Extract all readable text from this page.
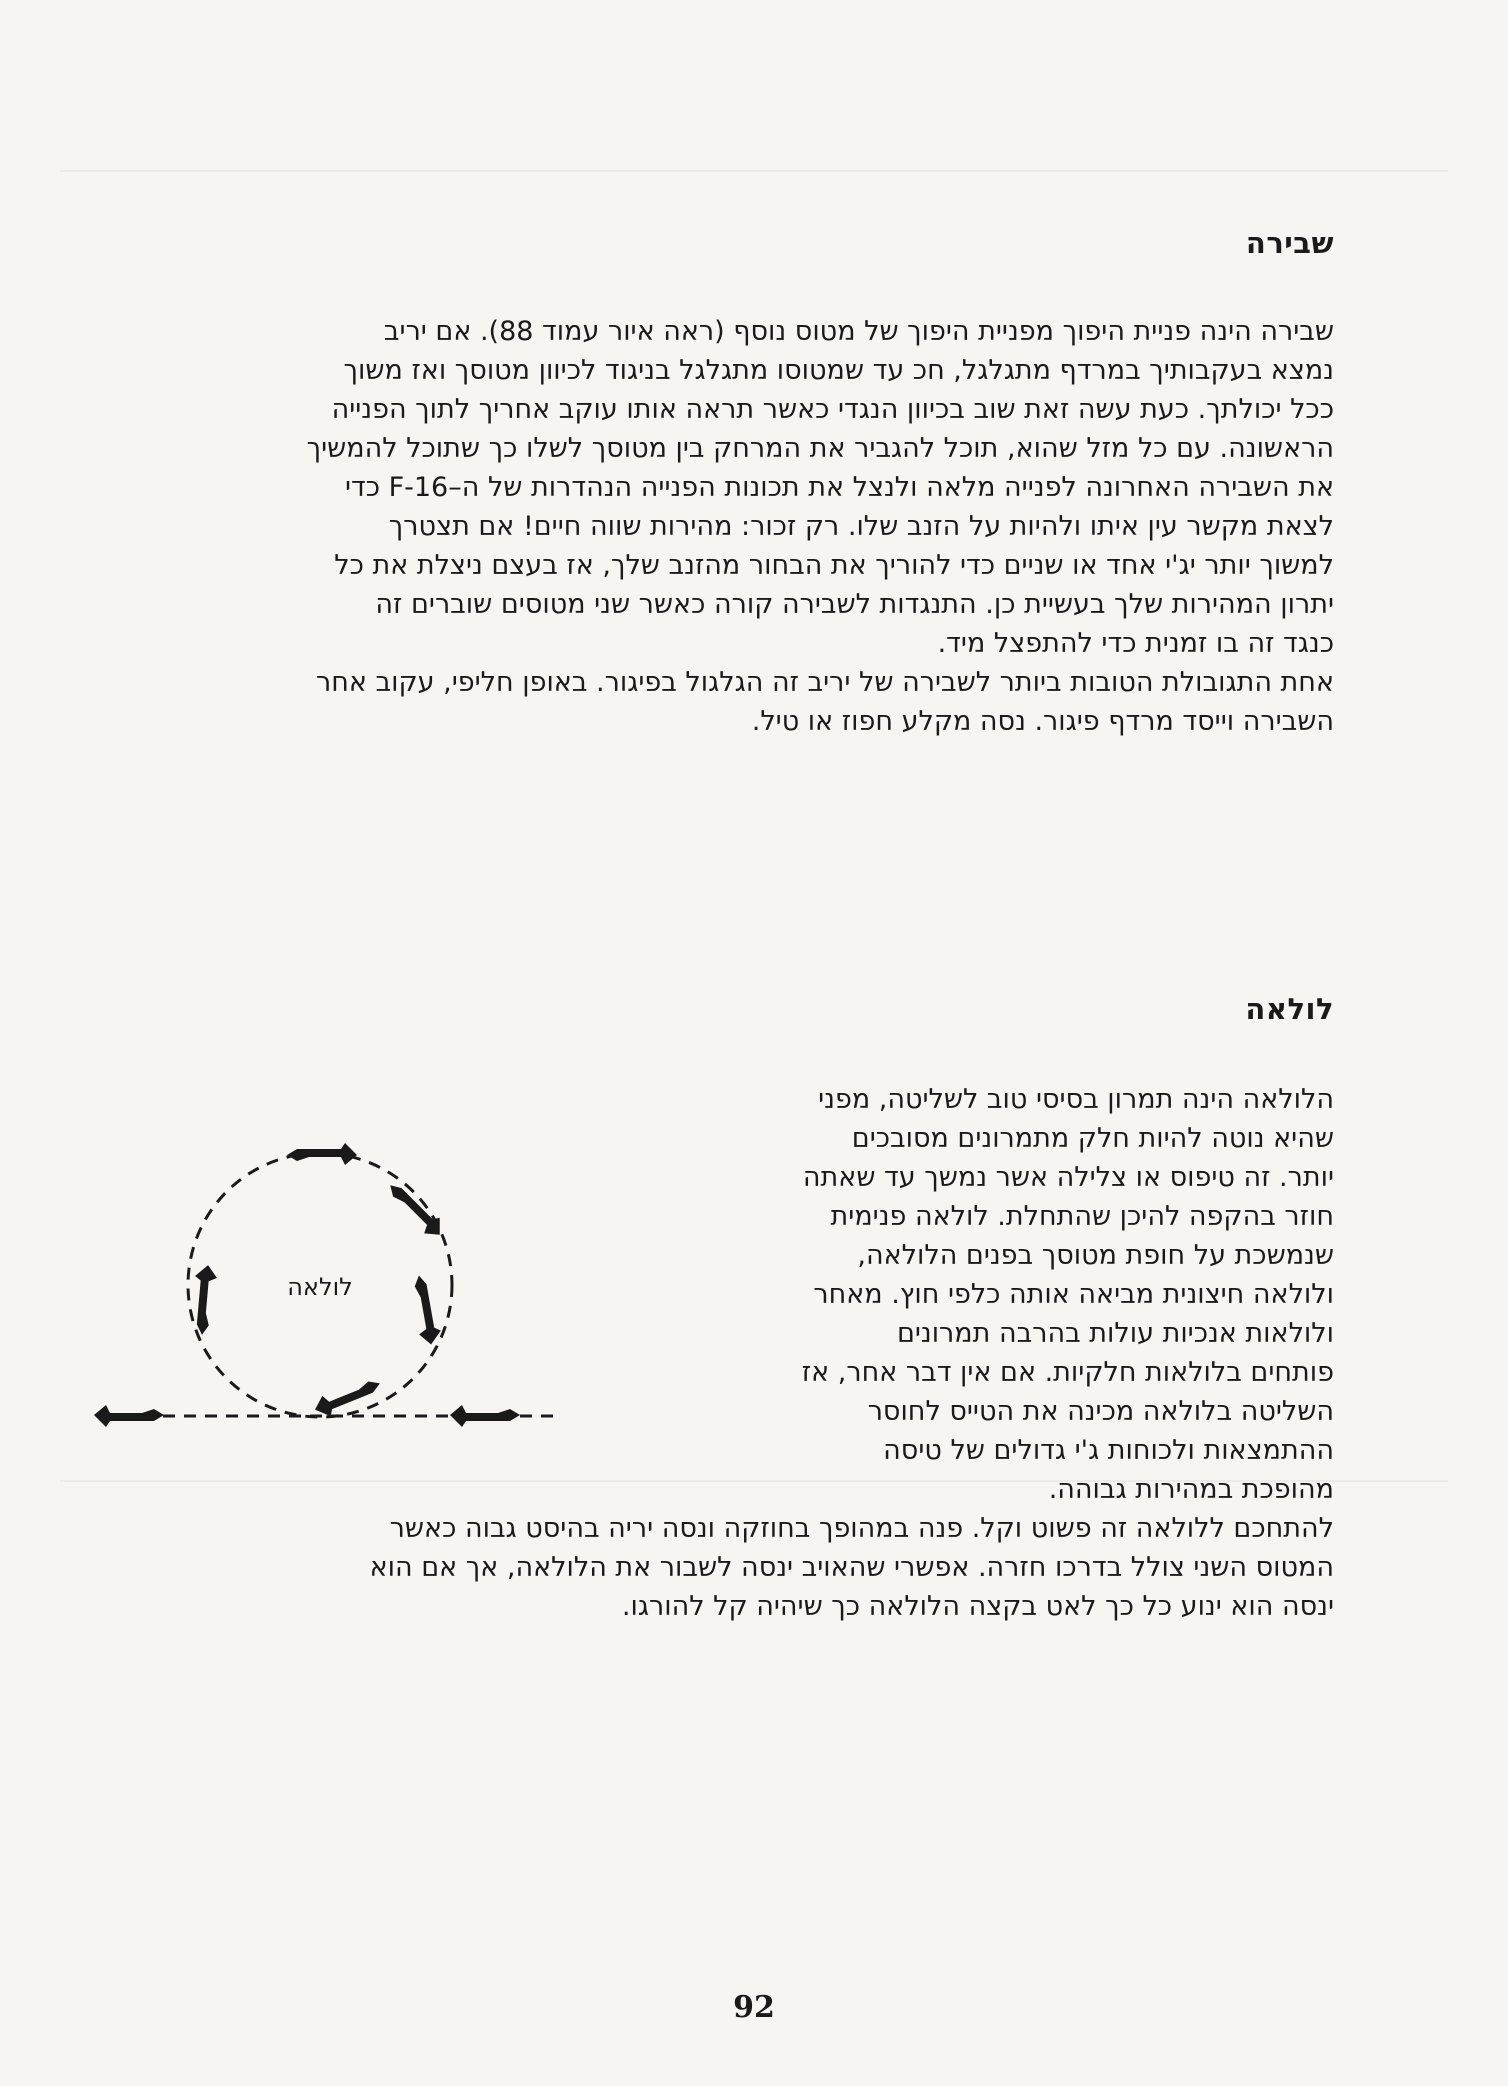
שבירה
שבירה הינה פניית היפוך מפניית היפוך של מטוס נוסף (ראה איור עמוד 88). אם יריב
נמצא בעקבותיך במרדף מתגלגל, חכ עד שמטוסו מתגלגל בניגוד לכיוון מטוסך ואז משוך
ככל יכולתך. כעת עשה זאת שוב בכיוון הנגדי כאשר תראה אותו עוקב אחריך לתוך הפנייה
הראשונה. עם כל מזל שהוא, תוכל להגביר את המרחק בין מטוסך לשלו כך שתוכל להמשיך
את השבירה האחרונה לפנייה מלאה ולנצל את תכונות הפנייה הנהדרות של ה–F-16 כדי
לצאת מקשר עין איתו ולהיות על הזנב שלו. רק זכור: מהירות שווה חיים! אם תצטרך
למשוך יותר יג'י אחד או שניים כדי להוריך את הבחור מהזנב שלך, אז בעצם ניצלת את כל
יתרון המהירות שלך בעשיית כן. התנגדות לשבירה קורה כאשר שני מטוסים שוברים זה
כנגד זה בו זמנית כדי להתפצל מיד.
אחת התגובולת הטובות ביותר לשבירה של יריב זה הגלגול בפיגור. באופן חליפי, עקוב אחר
השבירה וייסד מרדף פיגור. נסה מקלע חפוז או טיל.
לולאה
הלולאה הינה תמרון בסיסי טוב לשליטה, מפני
שהיא נוטה להיות חלק מתמרונים מסובכים
יותר. זה טיפוס או צלילה אשר נמשך עד שאתה
חוזר בהקפה להיכן שהתחלת. לולאה פנימית
שנמשכת על חופת מטוסך בפנים הלולאה,
ולולאה חיצונית מביאה אותה כלפי חוץ. מאחר
ולולאות אנכיות עולות בהרבה תמרונים
פותחים בלולאות חלקיות. אם אין דבר אחר, אז
השליטה בלולאה מכינה את הטייס לחוסר
ההתמצאות ולכוחות ג'י גדולים של טיסה
מהופכת במהירות גבוהה.
להתחכם ללולאה זה פשוט וקל. פנה במהופך בחוזקה ונסה יריה בהיסט גבוה כאשר
המטוס השני צולל בדרכו חזרה. אפשרי שהאויב ינסה לשבור את הלולאה, אך אם הוא
ינסה הוא ינוע כל כך לאט בקצה הלולאה כך שיהיה קל להורגו.
לולאה
92
